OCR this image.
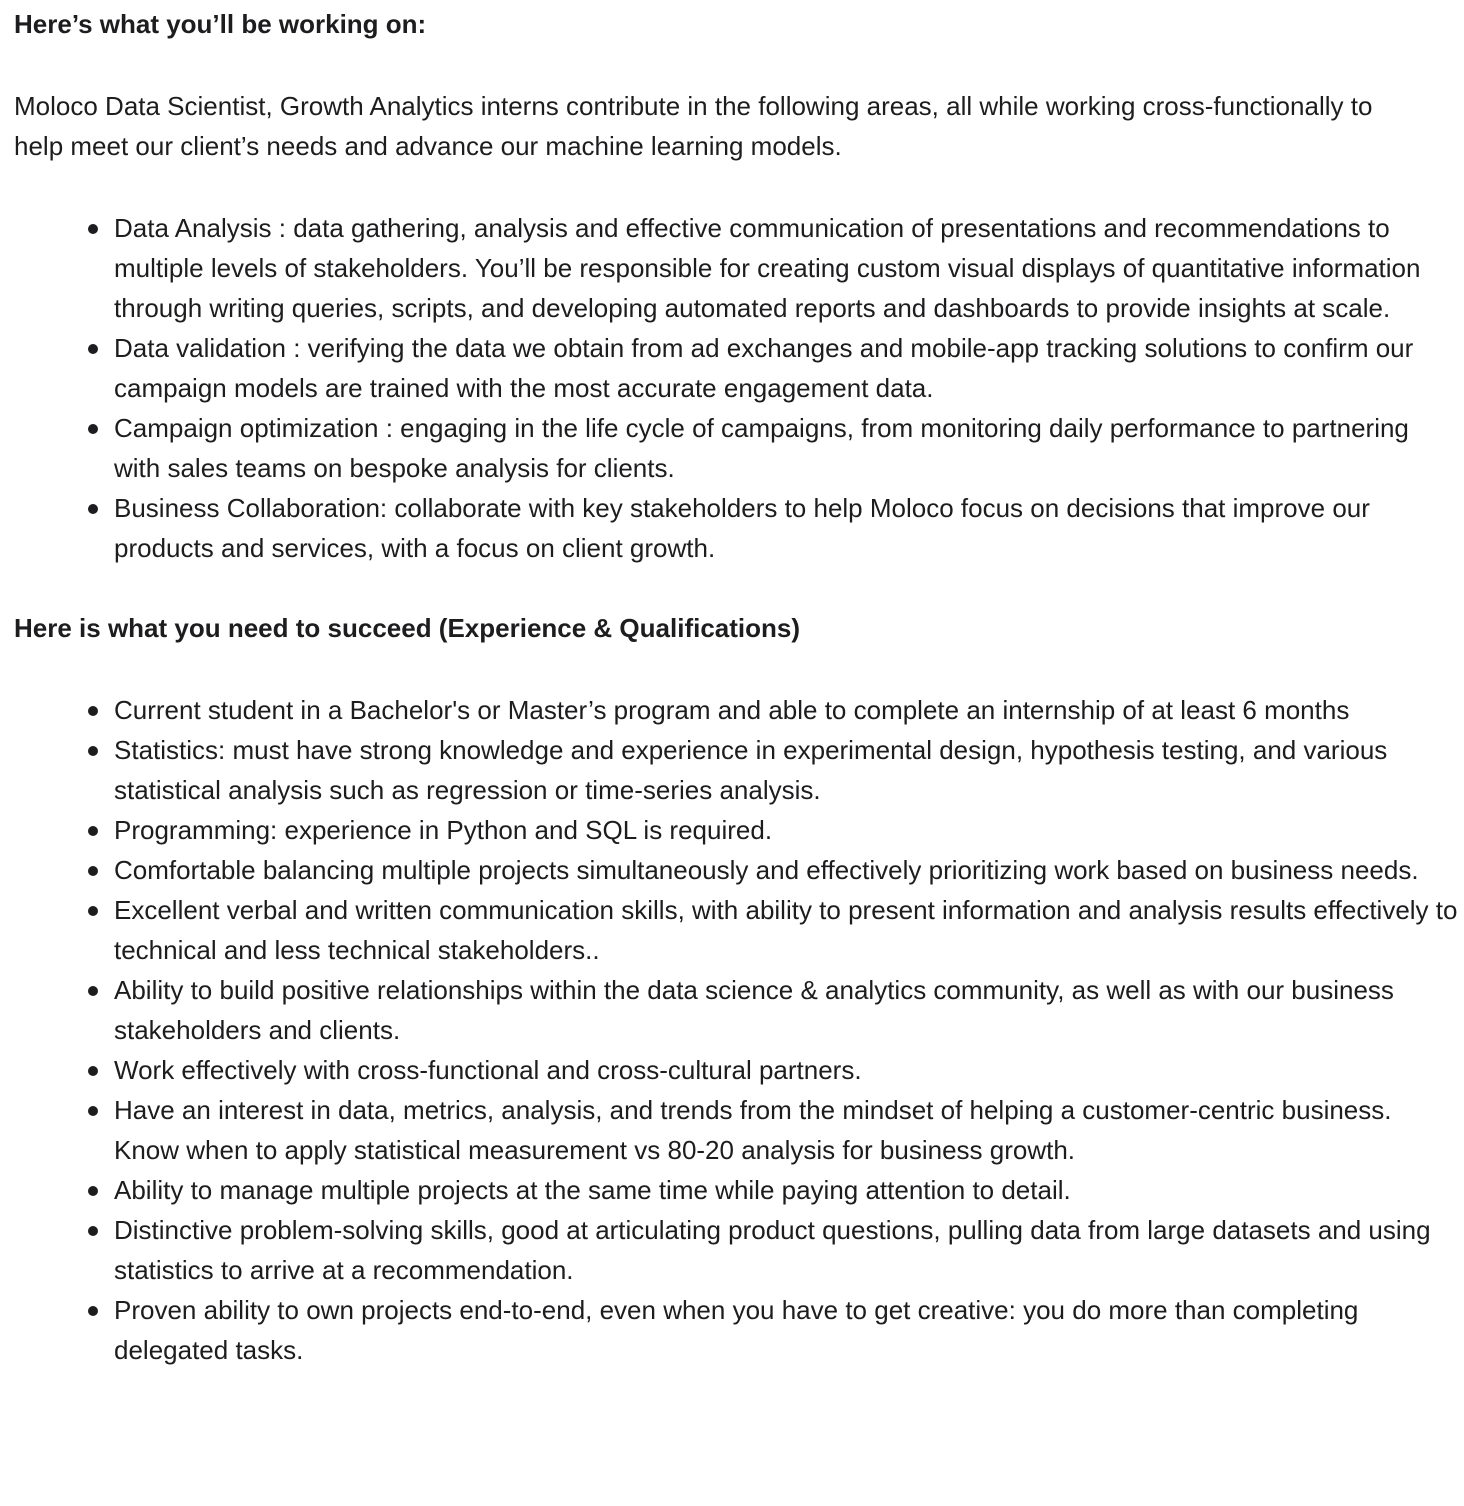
Here’s what you’ll be working on:

Moloco Data Scientist, Growth Analytics interns contribute in the following areas, all while working cross-functionally to help meet our client’s needs and advance our machine learning models.

Data Analysis : data gathering, analysis and effective communication of presentations and recommendations to multiple levels of stakeholders. You’ll be responsible for creating custom visual displays of quantitative information through writing queries, scripts, and developing automated reports and dashboards to provide insights at scale.
Data validation : verifying the data we obtain from ad exchanges and mobile-app tracking solutions to confirm our campaign models are trained with the most accurate engagement data.
Campaign optimization : engaging in the life cycle of campaigns, from monitoring daily performance to partnering with sales teams on bespoke analysis for clients.
Business Collaboration: collaborate with key stakeholders to help Moloco focus on decisions that improve our products and services, with a focus on client growth.
Here is what you need to succeed (Experience & Qualifications)
Current student in a Bachelor's or Master’s program and able to complete an internship of at least 6 months
Statistics: must have strong knowledge and experience in experimental design, hypothesis testing, and various statistical analysis such as regression or time-series analysis.
Programming: experience in Python and SQL is required.
Comfortable balancing multiple projects simultaneously and effectively prioritizing work based on business needs.
Excellent verbal and written communication skills, with ability to present information and analysis results effectively to technical and less technical stakeholders..
Ability to build positive relationships within the data science & analytics community, as well as with our business stakeholders and clients.
Work effectively with cross-functional and cross-cultural partners.
Have an interest in data, metrics, analysis, and trends from the mindset of helping a customer-centric business. Know when to apply statistical measurement vs 80-20 analysis for business growth.
Ability to manage multiple projects at the same time while paying attention to detail.
Distinctive problem-solving skills, good at articulating product questions, pulling data from large datasets and using statistics to arrive at a recommendation.
Proven ability to own projects end-to-end, even when you have to get creative: you do more than completing delegated tasks.
